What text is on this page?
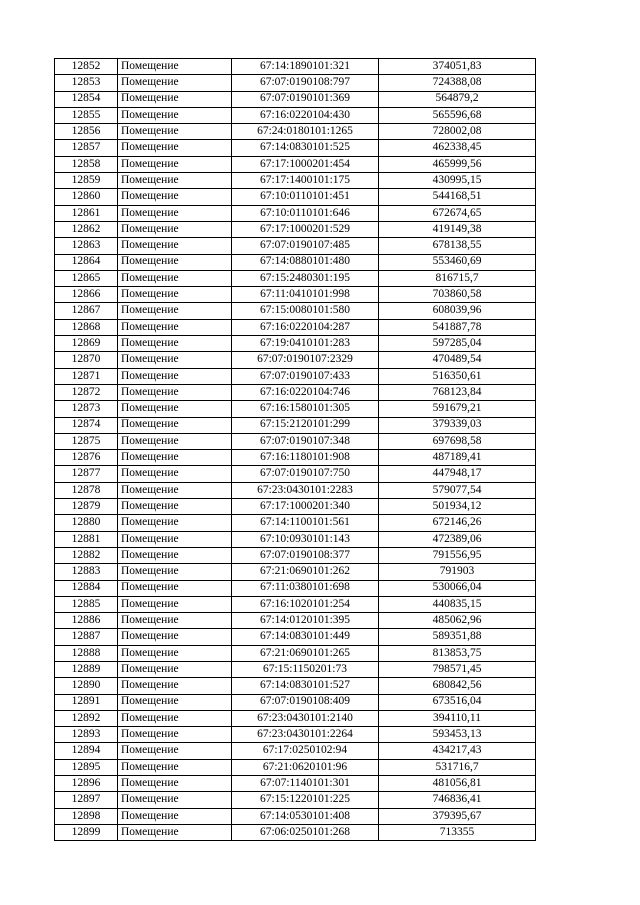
12852	Помещение	67:14:1890101:321	374051,83
12853	Помещение	67:07:0190108:797	724388,08
12854	Помещение	67:07:0190101:369	564879,2
12855	Помещение	67:16:0220104:430	565596,68
12856	Помещение	67:24:0180101:1265	728002,08
12857	Помещение	67:14:0830101:525	462338,45
12858	Помещение	67:17:1000201:454	465999,56
12859	Помещение	67:17:1400101:175	430995,15
12860	Помещение	67:10:0110101:451	544168,51
12861	Помещение	67:10:0110101:646	672674,65
12862	Помещение	67:17:1000201:529	419149,38
12863	Помещение	67:07:0190107:485	678138,55
12864	Помещение	67:14:0880101:480	553460,69
12865	Помещение	67:15:2480301:195	816715,7
12866	Помещение	67:11:0410101:998	703860,58
12867	Помещение	67:15:0080101:580	608039,96
12868	Помещение	67:16:0220104:287	541887,78
12869	Помещение	67:19:0410101:283	597285,04
12870	Помещение	67:07:0190107:2329	470489,54
12871	Помещение	67:07:0190107:433	516350,61
12872	Помещение	67:16:0220104:746	768123,84
12873	Помещение	67:16:1580101:305	591679,21
12874	Помещение	67:15:2120101:299	379339,03
12875	Помещение	67:07:0190107:348	697698,58
12876	Помещение	67:16:1180101:908	487189,41
12877	Помещение	67:07:0190107:750	447948,17
12878	Помещение	67:23:0430101:2283	579077,54
12879	Помещение	67:17:1000201:340	501934,12
12880	Помещение	67:14:1100101:561	672146,26
12881	Помещение	67:10:0930101:143	472389,06
12882	Помещение	67:07:0190108:377	791556,95
12883	Помещение	67:21:0690101:262	791903
12884	Помещение	67:11:0380101:698	530066,04
12885	Помещение	67:16:1020101:254	440835,15
12886	Помещение	67:14:0120101:395	485062,96
12887	Помещение	67:14:0830101:449	589351,88
12888	Помещение	67:21:0690101:265	813853,75
12889	Помещение	67:15:1150201:73	798571,45
12890	Помещение	67:14:0830101:527	680842,56
12891	Помещение	67:07:0190108:409	673516,04
12892	Помещение	67:23:0430101:2140	394110,11
12893	Помещение	67:23:0430101:2264	593453,13
12894	Помещение	67:17:0250102:94	434217,43
12895	Помещение	67:21:0620101:96	531716,7
12896	Помещение	67:07:1140101:301	481056,81
12897	Помещение	67:15:1220101:225	746836,41
12898	Помещение	67:14:0530101:408	379395,67
12899	Помещение	67:06:0250101:268	713355
